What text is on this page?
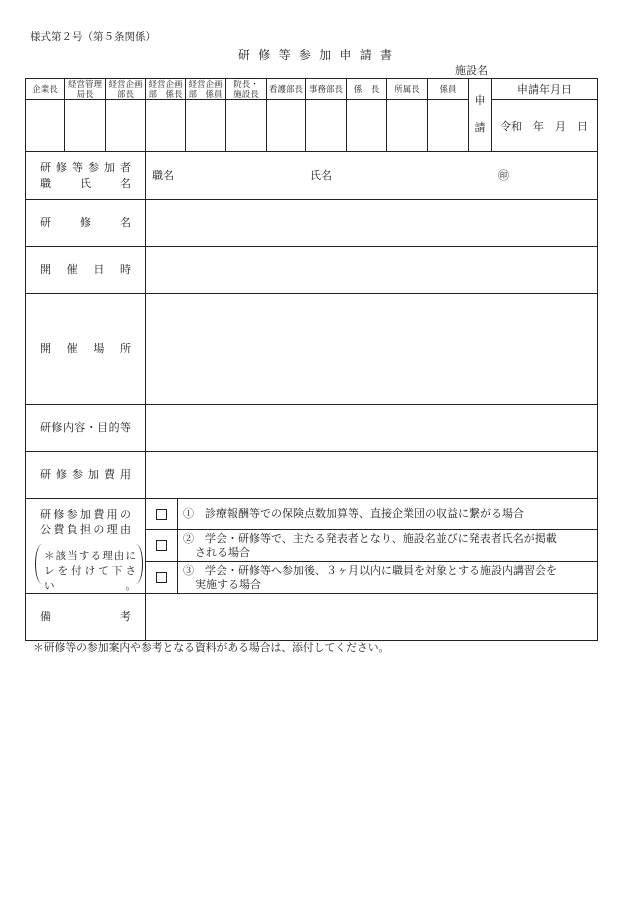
様式第２号（第５条関係）
研 修 等 参 加 申 請 書
施設名
企業長 経営管理
局長
経営企画
部長
経営企画
部　係長
経営企画
部　係員
院長・
施設長 看護部長 事務部長 係　長 所属長 係員
申
請
申請年月日
令和　年　月　日
研 修 等 参 加 者
職 氏 名
職名	氏名	㊞
研 修 名
開 催 日 時
開 催 場 所
研修内容・目的等
研 修 参 加 費 用
研修参加費用の
公費負担の理由
＊該当する理由に
レを付けて下さい。
①　診療報酬等での保険点数加算等、直接企業団の収益に繋がる場合
②　学会・研修等で、主たる発表者となり、施設名並びに発表者氏名が掲載
される場合
③　学会・研修等へ参加後、３ヶ月以内に職員を対象とする施設内講習会を
実施する場合
備 考
＊研修等の参加案内や参考となる資料がある場合は、添付してください。
